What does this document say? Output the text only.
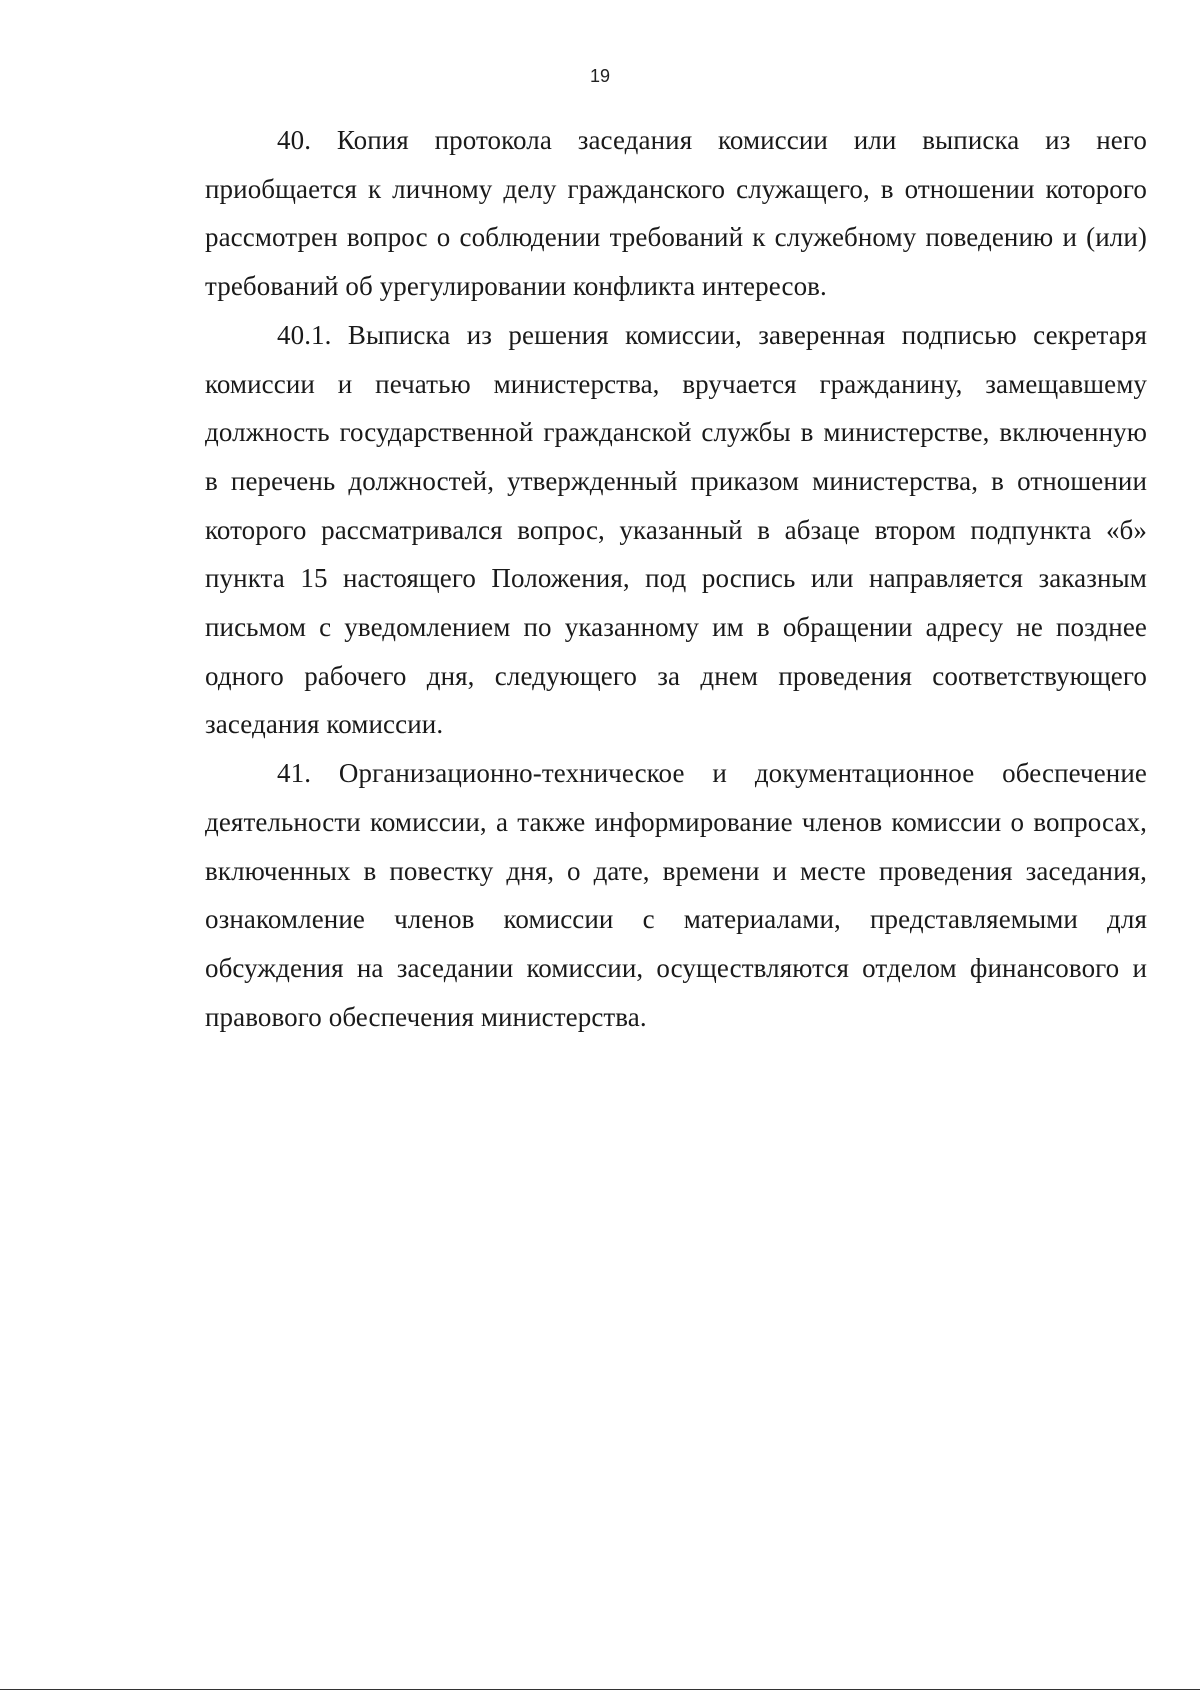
19

40. Копия протокола заседания комиссии или выписка из него приобщается к личному делу гражданского служащего, в отношении которого рассмотрен вопрос о соблюдении требований к служебному поведению и (или) требований об урегулировании конфликта интересов.

40.1. Выписка из решения комиссии, заверенная подписью секретаря комиссии и печатью министерства, вручается гражданину, замещавшему должность государственной гражданской службы в министерстве, включенную в перечень должностей, утвержденный приказом министерства, в отношении которого рассматривался вопрос, указанный в абзаце втором подпункта «б» пункта 15 настоящего Положения, под роспись или направляется заказным письмом с уведомлением по указанному им в обращении адресу не позднее одного рабочего дня, следующего за днем проведения соответствующего заседания комиссии.

41. Организационно-техническое и документационное обеспечение деятельности комиссии, а также информирование членов комиссии о вопросах, включенных в повестку дня, о дате, времени и месте проведения заседания, ознакомление членов комиссии с материалами, представляемыми для обсуждения на заседании комиссии, осуществляются отделом финансового и правового обеспечения министерства.
